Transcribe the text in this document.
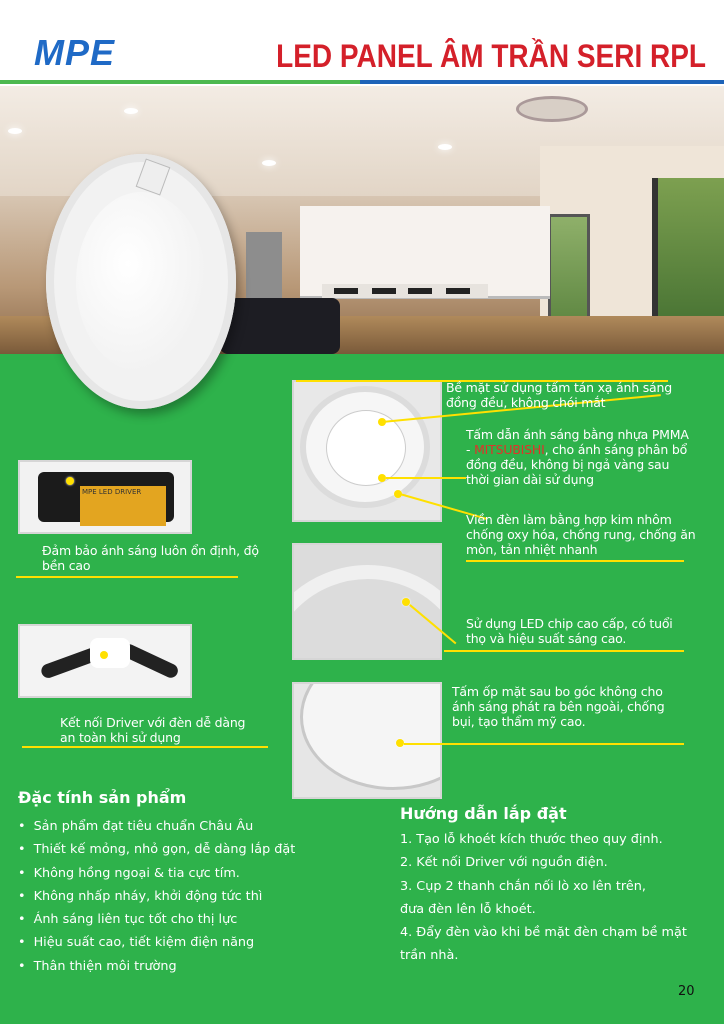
MPE	LED PANEL ÂM TRẦN SERI RPL
MPE LED DRIVER
Bề mặt sử dụng tấm tán xạ ánh sáng đồng đều, không chói mắt
Tấm dẫn ánh sáng bằng nhựa PMMA - MITSUBISHI, cho ánh sáng phân bổ đồng đều, không bị ngả vàng sau thời gian dài sử dụng
Viền đèn làm bằng hợp kim nhôm chống oxy hóa, chống rung, chống ăn mòn, tản nhiệt nhanh
Sử dụng LED chip cao cấp, có tuổi thọ và hiệu suất sáng cao.
Tấm ốp mặt sau bo góc không cho ánh sáng phát ra bên ngoài, chống bụi, tạo thẩm mỹ cao.
Đảm bảo ánh sáng luôn ổn định, độ bền cao
Kết nối Driver với đèn dễ dàng an toàn khi sử dụng
Đặc tính sản phẩm
• Sản phẩm đạt tiêu chuẩn Châu Âu
• Thiết kế mỏng, nhỏ gọn, dễ dàng lắp đặt
• Không hồng ngoại & tia cực tím.
• Không nhấp nháy, khởi động tức thì
• Ánh sáng liên tục tốt cho thị lực
• Hiệu suất cao, tiết kiệm điện năng
• Thân thiện môi trường
Hướng dẫn lắp đặt
1. Tạo lỗ khoét kích thước theo quy định.
2. Kết nối Driver với nguồn điện.
3. Cụp 2 thanh chắn nối lò xo lên trên,
đưa đèn lên lỗ khoét.
4. Đẩy đèn vào khi bề mặt đèn chạm bề mặt
trần nhà.
20
